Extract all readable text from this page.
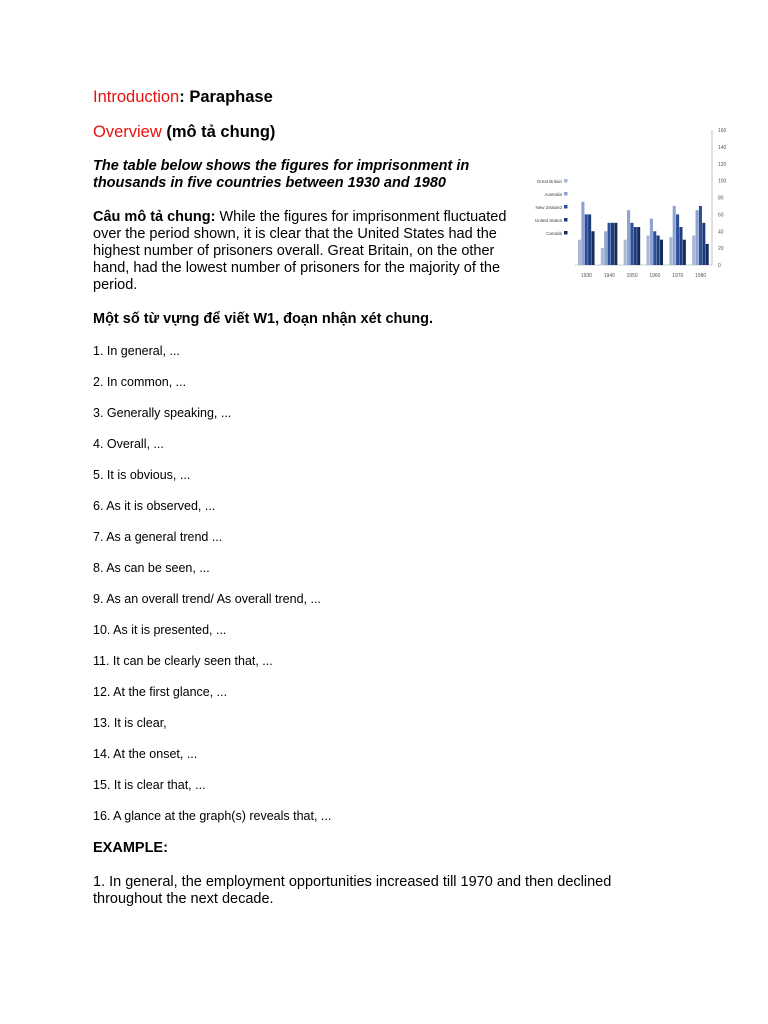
Introduction: Paraphase
Overview (mô tả chung)
The table below shows the figures for imprisonment in thousands in five countries between 1930 and 1980
Câu mô tả chung: While the figures for imprisonment fluctuated over the period shown, it is clear that the United States had the highest number of prisoners overall. Great Britain, on the other hand, had the lowest number of prisoners for the majority of the period.
Một số từ vựng để viết W1, đoạn nhận xét chung.
1. In general, ...
2. In common, ...
3. Generally speaking, ...
4. Overall, ...
5. It is obvious, ...
6. As it is observed, ...
7. As a general trend ...
8. As can be seen, ...
9. As an overall trend/ As overall trend, ...
10. As it is presented, ...
11. It can be clearly seen that, ...
12. At the first glance, ...
13. It is clear,
14. At the onset, ...
15. It is clear that, ...
16. A glance at the graph(s) reveals that, ...
EXAMPLE:
1. In general, the employment opportunities increased till 1970 and then declined throughout the next decade.
0
20
40
60
80
100
120
140
160
1930 1940 1950 1960 1970 1980
Great Britain
Australia
New Zealand
United States
Canada
